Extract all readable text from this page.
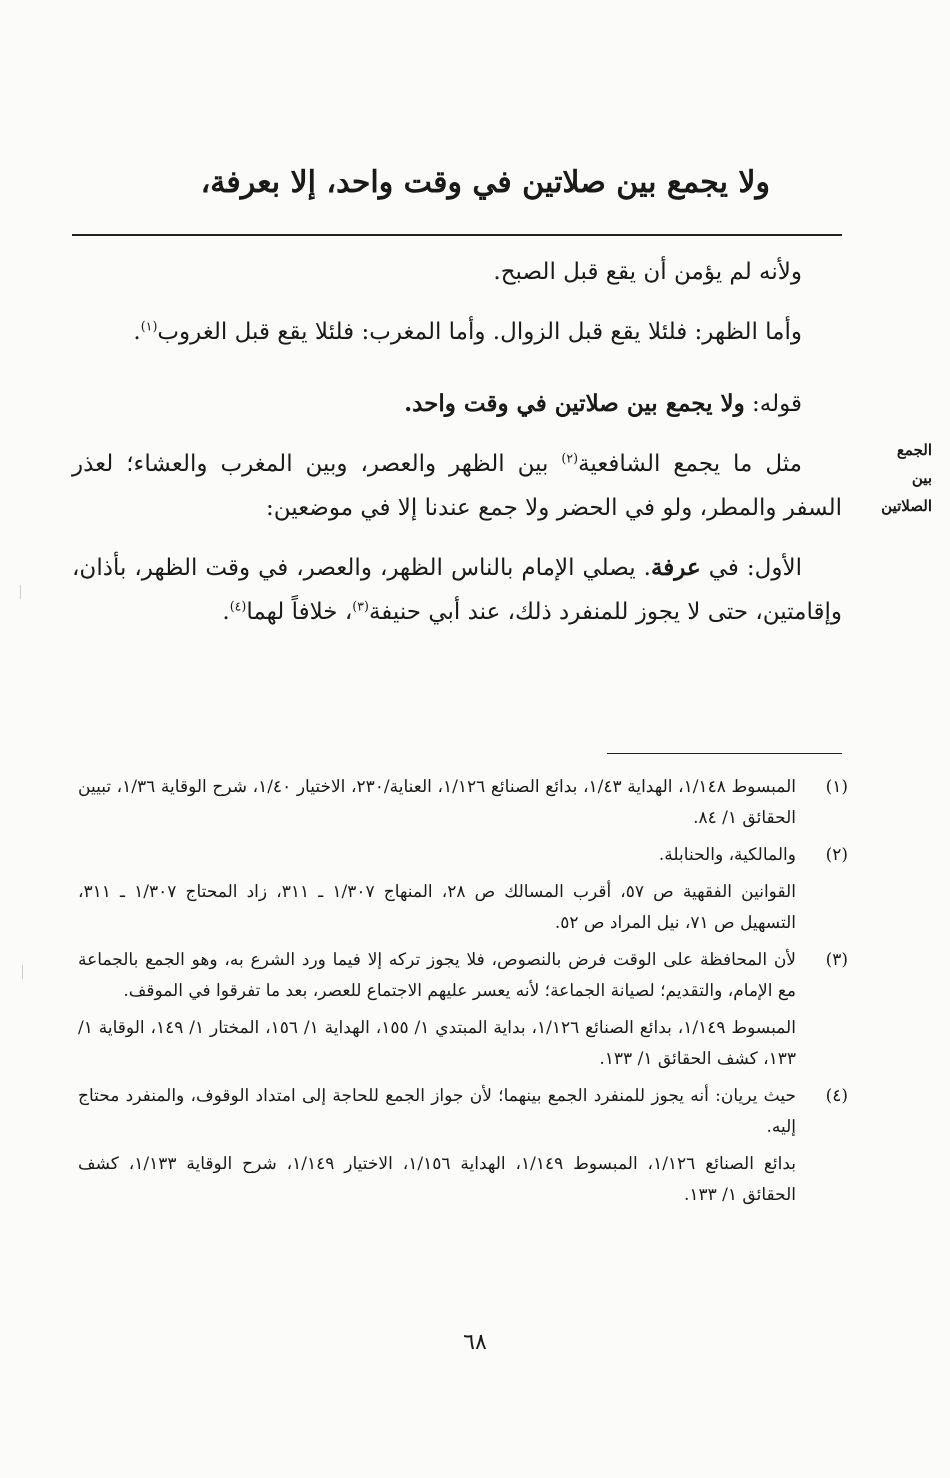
ولا يجمع بين صلاتين في وقت واحد، إلا بعرفة،
الجمع
بين
الصلاتين

ولأنه لم يؤمن أن يقع قبل الصبح.

وأما الظهر: فلئلا يقع قبل الزوال. وأما المغرب: فلئلا يقع قبل الغروب$^{(١)}$.

قوله: ولا يجمع بين صلاتين في وقت واحد.

مثل ما يجمع الشافعية$^{(٢)}$ بين الظهر والعصر، وبين المغرب والعشاء؛ لعذر السفر والمطر، ولو في الحضر ولا جمع عندنا إلا في موضعين:

الأول: في عرفة. يصلي الإمام بالناس الظهر، والعصر، في وقت الظهر، بأذان، وإقامتين، حتى لا يجوز للمنفرد ذلك، عند أبي حنيفة$^{(٣)}$، خلافاً لهما$^{(٤)}$.

(١)

المبسوط ١/١٤٨، الهداية ١/٤٣، بدائع الصنائع ١/١٢٦، العناية/٢٣٠، الاختيار ١/٤٠، شرح الوقاية ١/٣٦، تبيين الحقائق ١/ ٨٤.

(٢)

والمالكية، والحنابلة.

القوانين الفقهية ص ٥٧، أقرب المسالك ص ٢٨، المنهاج ١/٣٠٧ ـ ٣١١، زاد المحتاج ١/٣٠٧ ـ ٣١١، التسهيل ص ٧١، نيل المراد ص ٥٢.

(٣)

لأن المحافظة على الوقت فرض بالنصوص، فلا يجوز تركه إلا فيما ورد الشرع به، وهو الجمع بالجماعة مع الإمام، والتقديم؛ لصيانة الجماعة؛ لأنه يعسر عليهم الاجتماع للعصر، بعد ما تفرقوا في الموقف.

المبسوط ١/١٤٩، بدائع الصنائع ١/١٢٦، بداية المبتدي ١/ ١٥٥، الهداية ١/ ١٥٦، المختار ١/ ١٤٩، الوقاية ١/ ١٣٣، كشف الحقائق ١/ ١٣٣.

(٤)

حيث يريان: أنه يجوز للمنفرد الجمع بينهما؛ لأن جواز الجمع للحاجة إلى امتداد الوقوف، والمنفرد محتاج إليه.

بدائع الصنائع ١/١٢٦، المبسوط ١/١٤٩، الهداية ١/١٥٦، الاختيار ١/١٤٩، شرح الوقاية ١/١٣٣، كشف الحقائق ١/ ١٣٣.

٦٨
